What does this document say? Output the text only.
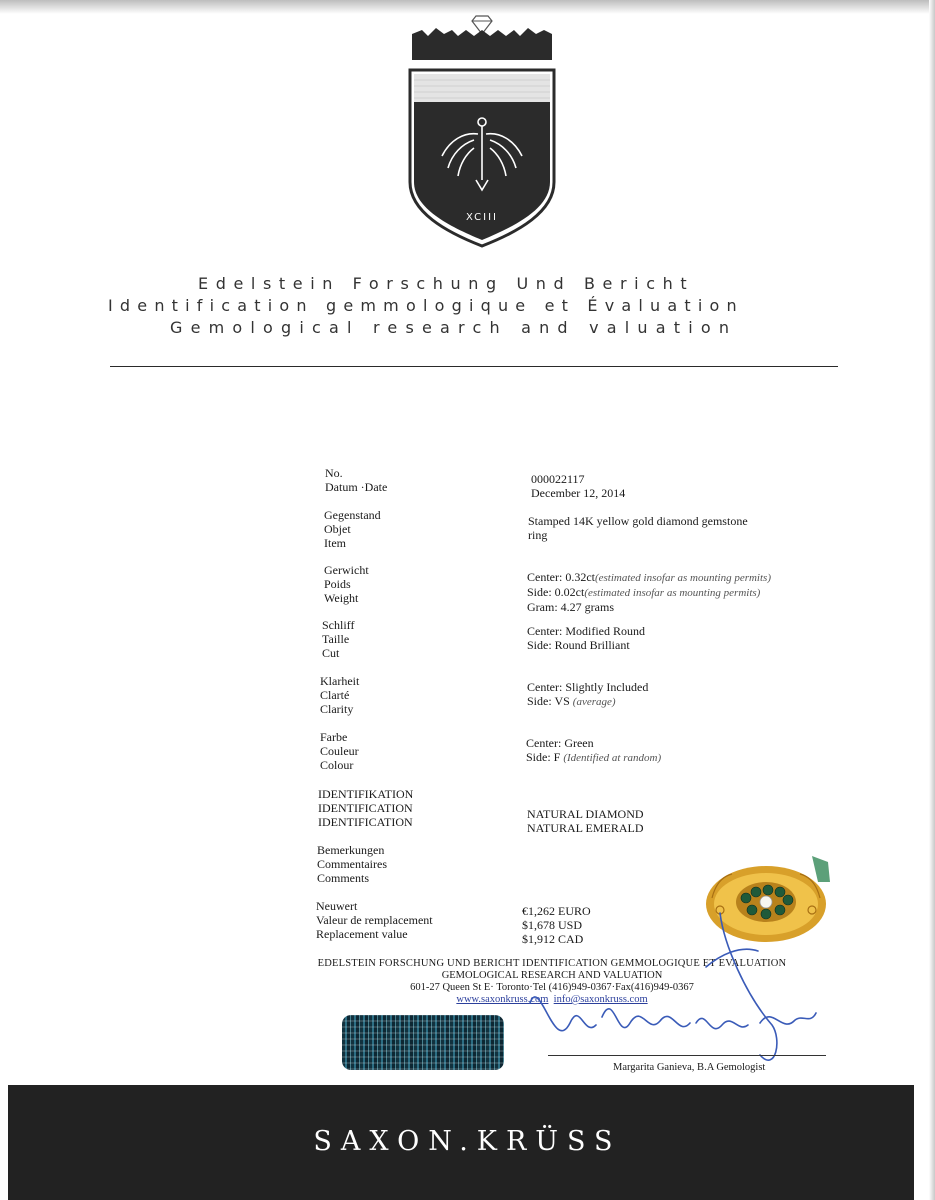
XCIII
Edelstein Forschung Und Bericht
Identification gemmologique et Évaluation
Gemological research and valuation
No.
Datum ·Date
000022117
December 12, 2014
Gegenstand
Objet
Item
Stamped 14K yellow gold diamond gemstone
ring
Gerwicht
Poids
Weight
Center: 0.32ct(estimated insofar as mounting permits)
Side: 0.02ct(estimated insofar as mounting permits)
Gram: 4.27 grams
Schliff
Taille
Cut
Center: Modified Round
Side: Round Brilliant
Klarheit
Clarté
Clarity
Center: Slightly Included
Side: VS (average)
Farbe
Couleur
Colour
Center: Green
Side: F (Identified at random)
IDENTIFIKATION
IDENTIFICATION
IDENTIFICATION
NATURAL DIAMOND
NATURAL EMERALD
Bemerkungen
Commentaires
Comments
Neuwert
Valeur de remplacement
Replacement value
€1,262 EURO
$1,678 USD
$1,912 CAD
EDELSTEIN FORSCHUNG UND BERICHT IDENTIFICATION GEMMOLOGIQUE ET EVALUATION
GEMOLOGICAL RESEARCH AND VALUATION
601-27 Queen St E· Toronto·Tel (416)949-0367·Fax(416)949-0367
www.saxonkruss.com info@saxonkruss.com
Margarita Ganieva, B.A Gemologist
SAXON.KRÜSS
